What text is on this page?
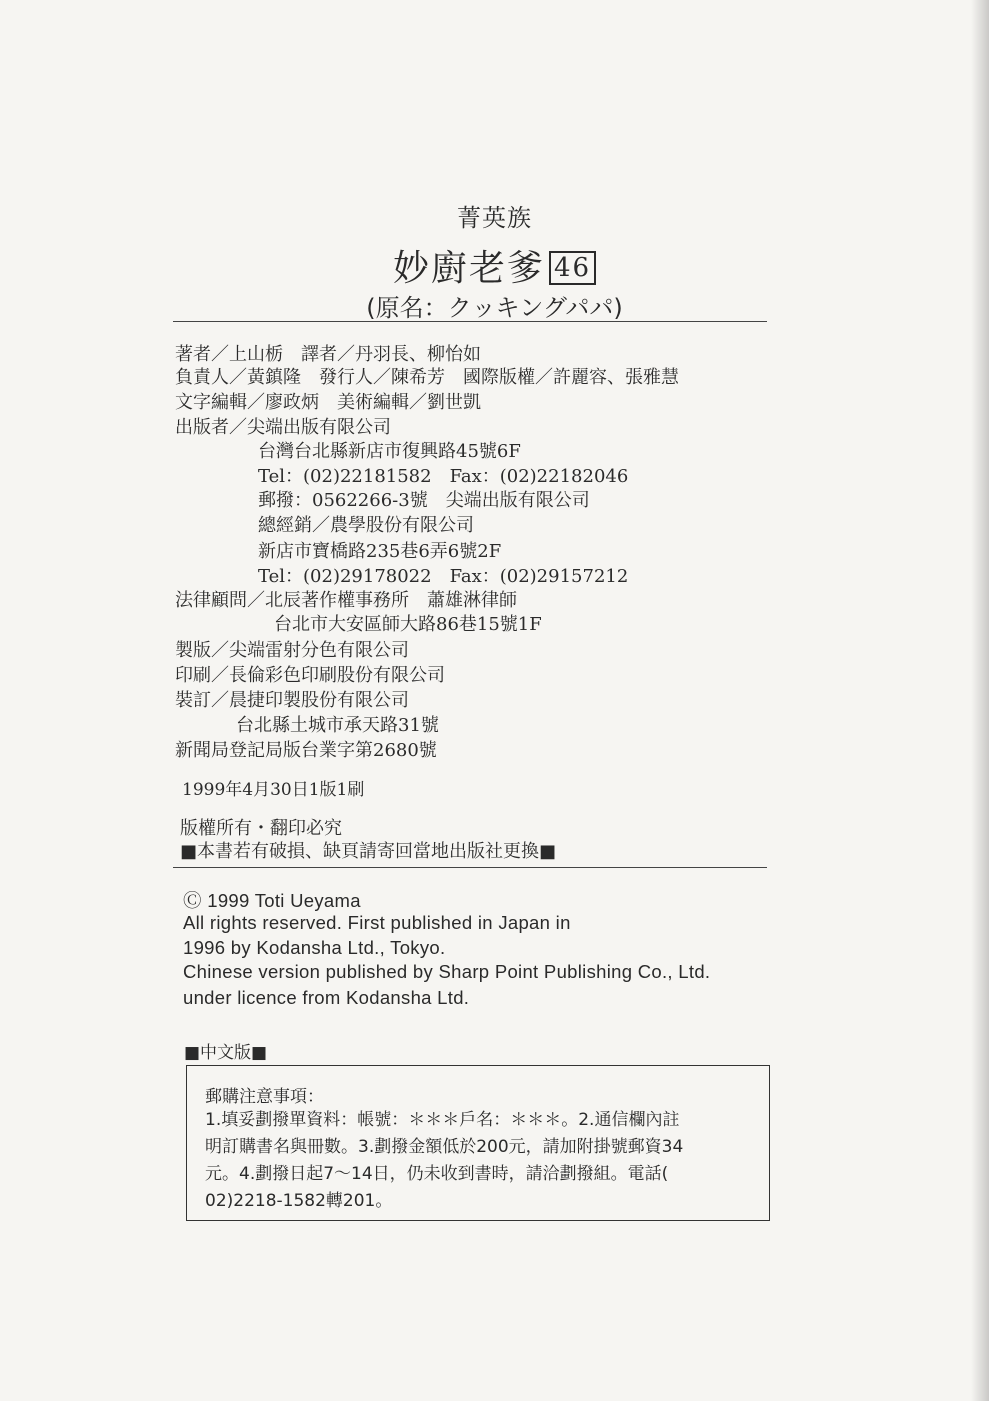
菁英族
妙廚老爹 46
(原名：クッキングパパ)
著者／上山栃　譯者／丹羽長、柳怡如
負責人／黃鎮隆　發行人／陳希芳　國際版權／許麗容、張雅慧
文字編輯／廖政炳　美術編輯／劉世凱
出版者／尖端出版有限公司
台灣台北縣新店市復興路45號6F
Tel：(02)22181582　Fax：(02)22182046
郵撥：0562266-3號　尖端出版有限公司
總經銷／農學股份有限公司
新店市寶橋路235巷6弄6號2F
Tel：(02)29178022　Fax：(02)29157212
法律顧問／北辰著作權事務所　蕭雄淋律師
台北市大安區師大路86巷15號1F
製版／尖端雷射分色有限公司
印刷／長倫彩色印刷股份有限公司
裝訂／晨捷印製股份有限公司
台北縣土城市承天路31號
新聞局登記局版台業字第2680號
1999年4月30日1版1刷
版權所有・翻印必究
■本書若有破損、缺頁請寄回當地出版社更換■
Ⓒ 1999 Toti Ueyama
All rights reserved. First published in Japan in
1996 by Kodansha Ltd., Tokyo.
Chinese version published by Sharp Point Publishing Co., Ltd.
under licence from Kodansha Ltd.
■中文版■
郵購注意事項：
1.填妥劃撥單資料：帳號：＊＊＊戶名：＊＊＊。2.通信欄內註
明訂購書名與冊數。3.劃撥金額低於200元，請加附掛號郵資34
元。4.劃撥日起7～14日，仍未收到書時，請洽劃撥組。電話(
02)2218-1582轉201。
